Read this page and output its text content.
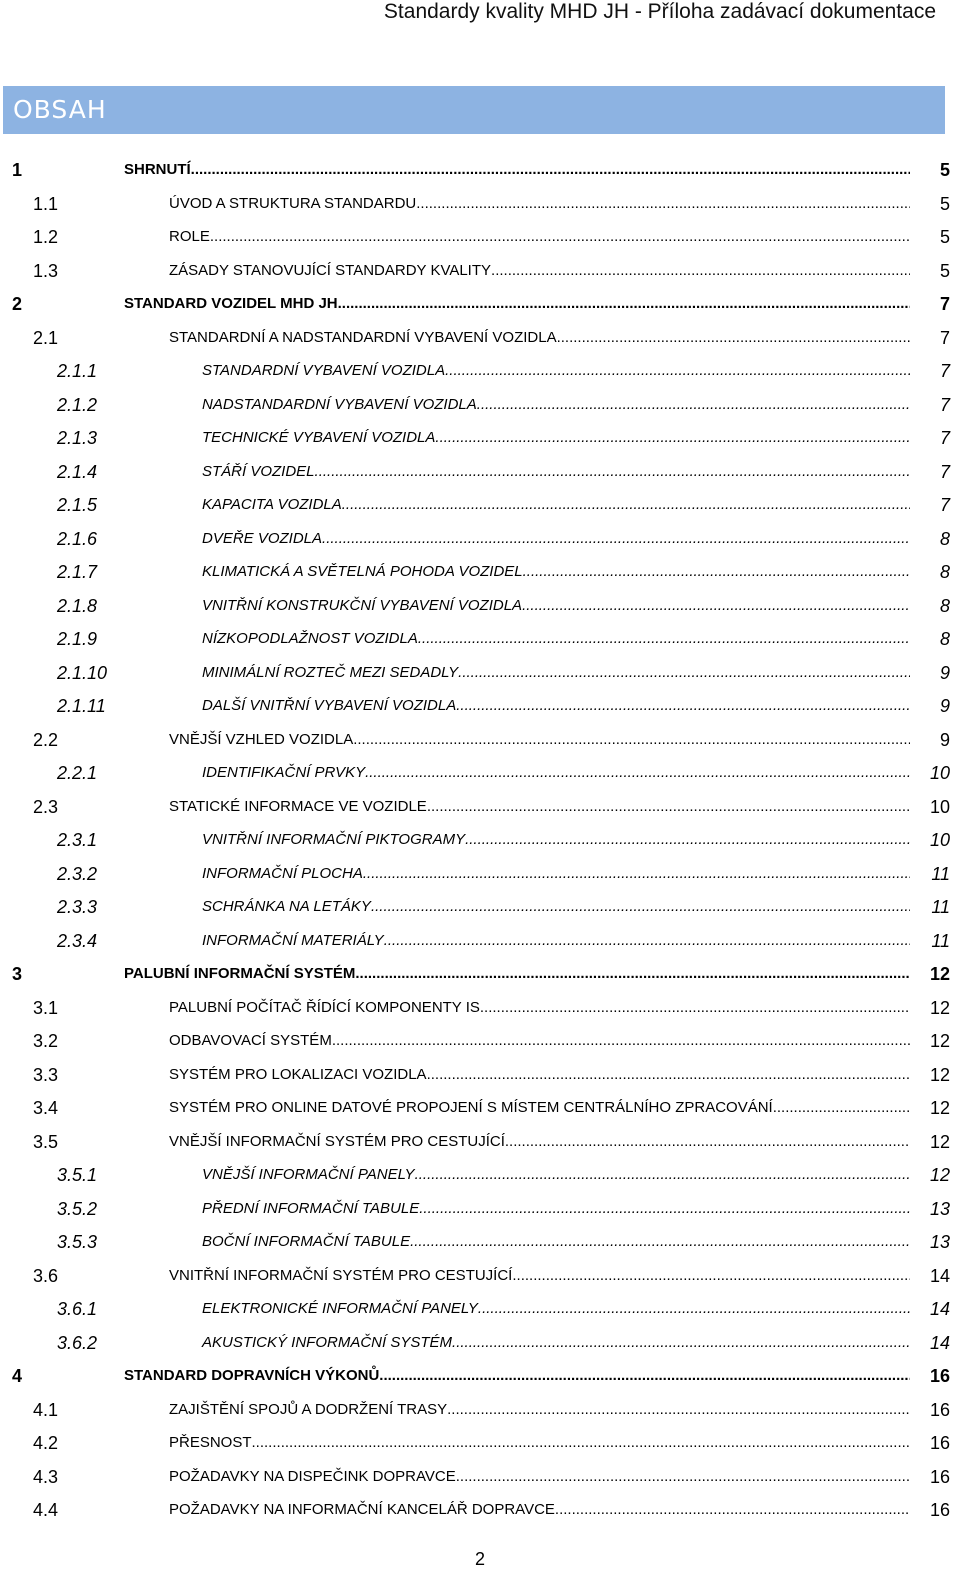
Standardy kvality MHD JH - Příloha zadávací dokumentace
OBSAH
1	SHRNUTÍ .....	5
1.1	ÚVOD A STRUKTURA STANDARDU .....	5
1.2	ROLE .....	5
1.3	ZÁSADY STANOVUJÍCÍ STANDARDY KVALITY .....	5
2	STANDARD VOZIDEL MHD JH .....	7
2.1	STANDARDNÍ A NADSTANDARDNÍ VYBAVENÍ VOZIDLA .....	7
2.1.1	STANDARDNÍ VYBAVENÍ VOZIDLA .....	7
2.1.2	NADSTANDARDNÍ VYBAVENÍ VOZIDLA .....	7
2.1.3	TECHNICKÉ VYBAVENÍ VOZIDLA .....	7
2.1.4	STÁŘÍ VOZIDEL .....	7
2.1.5	KAPACITA VOZIDLA .....	7
2.1.6	DVEŘE VOZIDLA .....	8
2.1.7	KLIMATICKÁ A SVĚTELNÁ POHODA VOZIDEL .....	8
2.1.8	VNITŘNÍ KONSTRUKČNÍ VYBAVENÍ VOZIDLA .....	8
2.1.9	NÍZKOPODLAŽNOST VOZIDLA .....	8
2.1.10	MINIMÁLNÍ ROZTEČ MEZI SEDADLY .....	9
2.1.11	DALŠÍ VNITŘNÍ VYBAVENÍ VOZIDLA .....	9
2.2	VNĚJŠÍ VZHLED VOZIDLA .....	9
2.2.1	IDENTIFIKAČNÍ PRVKY .....	10
2.3	STATICKÉ INFORMACE VE VOZIDLE .....	10
2.3.1	VNITŘNÍ INFORMAČNÍ PIKTOGRAMY .....	10
2.3.2	INFORMAČNÍ PLOCHA .....	11
2.3.3	SCHRÁNKA NA LETÁKY .....	11
2.3.4	INFORMAČNÍ MATERIÁLY .....	11
3	PALUBNÍ INFORMAČNÍ SYSTÉM .....	12
3.1	PALUBNÍ POČÍTAČ ŘÍDÍCÍ KOMPONENTY IS .....	12
3.2	ODBAVOVACÍ SYSTÉM .....	12
3.3	SYSTÉM PRO LOKALIZACI VOZIDLA .....	12
3.4	SYSTÉM PRO ONLINE DATOVÉ PROPOJENÍ S MÍSTEM CENTRÁLNÍHO ZPRACOVÁNÍ .....	12
3.5	VNĚJŠÍ INFORMAČNÍ SYSTÉM PRO CESTUJÍCÍ .....	12
3.5.1	VNĚJŠÍ INFORMAČNÍ PANELY .....	12
3.5.2	PŘEDNÍ INFORMAČNÍ TABULE .....	13
3.5.3	BOČNÍ INFORMAČNÍ TABULE .....	13
3.6	VNITŘNÍ INFORMAČNÍ SYSTÉM PRO CESTUJÍCÍ .....	14
3.6.1	ELEKTRONICKÉ INFORMAČNÍ PANELY .....	14
3.6.2	AKUSTICKÝ INFORMAČNÍ SYSTÉM .....	14
4	STANDARD DOPRAVNÍCH VÝKONŮ .....	16
4.1	ZAJIŠTĚNÍ SPOJŮ A DODRŽENÍ TRASY .....	16
4.2	PŘESNOST .....	16
4.3	POŽADAVKY NA DISPEČINK DOPRAVCE .....	16
4.4	POŽADAVKY NA INFORMAČNÍ KANCELÁŘ DOPRAVCE .....	16
2
